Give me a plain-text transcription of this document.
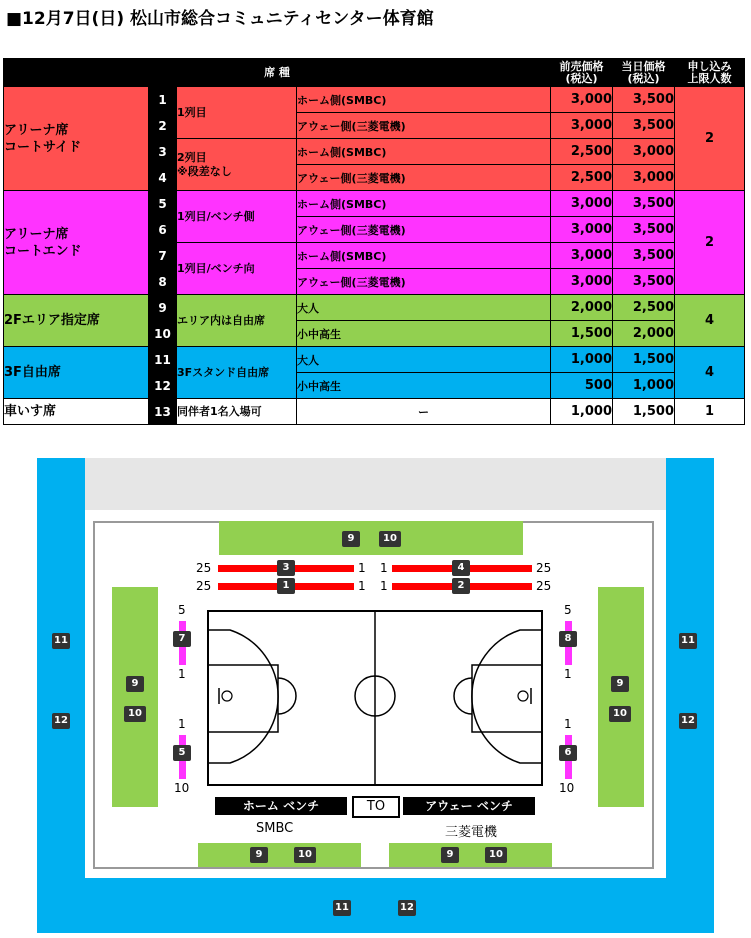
■12月7日(日) 松山市総合コミュニティセンター体育館
席 種				前売価格
(税込)	当日価格
(税込)	申し込み
上限人数

アリーナ席
コートサイド	1	1列目	ホーム側(SMBC)	3,000	3,500	2
	2		アウェー側(三菱電機)	3,000	3,500	
	3	2列目
※段差なし	ホーム側(SMBC)	2,500	3,000	
	4		アウェー側(三菱電機)	2,500	3,000	

アリーナ席
コートエンド	5	1列目/ベンチ側	ホーム側(SMBC)	3,000	3,500	2
	6		アウェー側(三菱電機)	3,000	3,500	
	7	1列目/ベンチ向	ホーム側(SMBC)	3,000	3,500	
	8		アウェー側(三菱電機)	3,000	3,500	
2Fエリア指定席	9	エリア内は自由席	大人	2,000	2,500	4
	10		小中高生	1,500	2,000	
3F自由席	11	3Fスタンド自由席	大人	1,000	1,500	4
	12		小中高生	500	1,000	
車いす席	13	同伴者1名入場可	ー	1,000	1,500	1
ホーム ベンチ	TO	アウェー ベンチ
SMBC	三菱電機
25
25
1
1
1
1
25
25
5
1
1
10
5
1
1
10
9	10
3
1
4
2
7
5
8
6
9
10
9
10
9	10	9	10
11
12
11
12
11	12
